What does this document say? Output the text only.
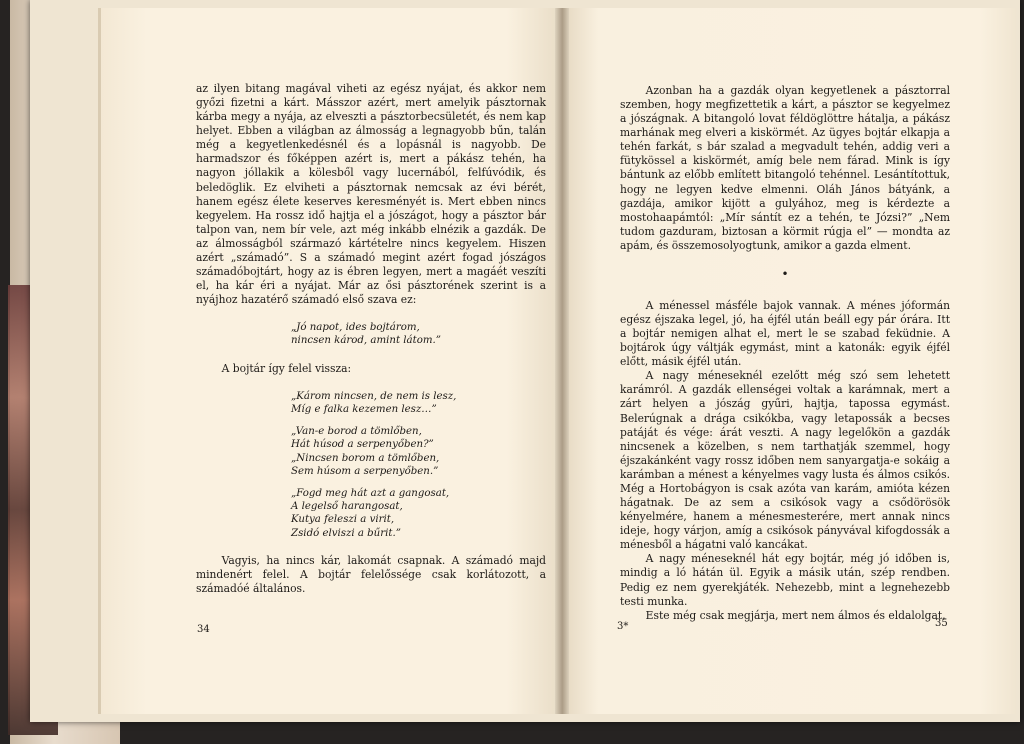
az ilyen bitang magával viheti az egész nyájat, és akkor nem győzi fizetni a kárt. Másszor azért, mert amelyik pásztornak kárba megy a nyája, az elveszti a pásztorbecsületét, és nem kap helyet. Ebben a világban az álmosság a legnagyobb bűn, talán még a kegyetlenkedésnél és a lopásnál is nagyobb. De harmadszor és főképpen azért is, mert a pákász tehén, ha nagyon jóllakik a kölesből vagy lucernából, felfúvódik, és beledöglik. Ez elviheti a pásztornak nemcsak az évi bérét, hanem egész élete keserves keresményét is. Mert ebben nincs kegyelem. Ha rossz idő hajtja el a jószágot, hogy a pásztor bár talpon van, nem bír vele, azt még inkább elnézik a gazdák. De az álmosságból származó kártételre nincs kegyelem. Hiszen azért „számadó”. S a számadó megint azért fogad jószágos számadóbojtárt, hogy az is ébren legyen, mert a magáét veszíti el, ha kár éri a nyájat. Már az ősi pásztorének szerint is a nyájhoz hazatérő számadó első szava ez:

„Jó napot, ides bojtárom,
nincsen károd, amint látom.”

A bojtár így felel vissza:

„Károm nincsen, de nem is lesz,
Míg e falka kezemen lesz…”
„Van-e borod a tömlőben,
Hát húsod a serpenyőben?”
„Nincsen borom a tömlőben,
Sem húsom a serpenyőben.”
„Fogd meg hát azt a gangosat,
A legelső harangosat,
Kutya feleszi a virit,
Zsidó elviszi a bűrit.”

Vagyis, ha nincs kár, lakomát csapnak. A számadó majd mindenért felel. A bojtár felelőssége csak korlátozott, a számadóé általános.

34

Azonban ha a gazdák olyan kegyetlenek a pásztorral szemben, hogy megfizettetik a kárt, a pásztor se kegyelmez a jószágnak. A bitangoló lovat féldöglöttre hátalja, a pákász marhának meg elveri a kiskörmét. Az ügyes bojtár elkapja a tehén farkát, s bár szalad a megvadult tehén, addig veri a fütykössel a kiskörmét, amíg bele nem fárad. Mink is így bántunk az előbb említett bitangoló tehénnel. Lesántítottuk, hogy ne legyen kedve elmenni. Oláh János bátyánk, a gazdája, amikor kijött a gulyához, meg is kérdezte a mostohaapámtól: „Mír sántít ez a tehén, te Józsi?” „Nem tudom gazduram, biztosan a körmit rúgja el” — mondta az apám, és összemosolyogtunk, amikor a gazda elment.

•

A ménessel másféle bajok vannak. A ménes jóformán egész éjszaka legel, jó, ha éjfél után beáll egy pár órára. Itt a bojtár nemigen alhat el, mert le se szabad feküdnie. A bojtárok úgy váltják egymást, mint a katonák: egyik éjfél előtt, másik éjfél után.

A nagy méneseknél ezelőtt még szó sem lehetett karámról. A gazdák ellenségei voltak a karámnak, mert a zárt helyen a jószág gyűri, hajtja, tapossa egymást. Belerúgnak a drága csikókba, vagy letapossák a becses patáját és vége: árát veszti. A nagy legelőkön a gazdák nincsenek a közelben, s nem tarthatják szemmel, hogy éjszakánként vagy rossz időben nem sanyargatja-e sokáig a karámban a ménest a kényelmes vagy lusta és álmos csikós. Még a Hortobágyon is csak azóta van karám, amióta kézen hágatnak. De az sem a csikósok vagy a csődörösök kényelmére, hanem a ménesmesterére, mert annak nincs ideje, hogy várjon, amíg a csikósok pányvával kifogdossák a ménesből a hágatni való kancákat.

A nagy méneseknél hát egy bojtár, még jó időben is, mindig a ló hátán ül. Egyik a másik után, szép rendben. Pedig ez nem gyerekjáték. Nehezebb, mint a legnehezebb testi munka.

Este még csak megjárja, mert nem álmos és eldalolgat,

3*	35
